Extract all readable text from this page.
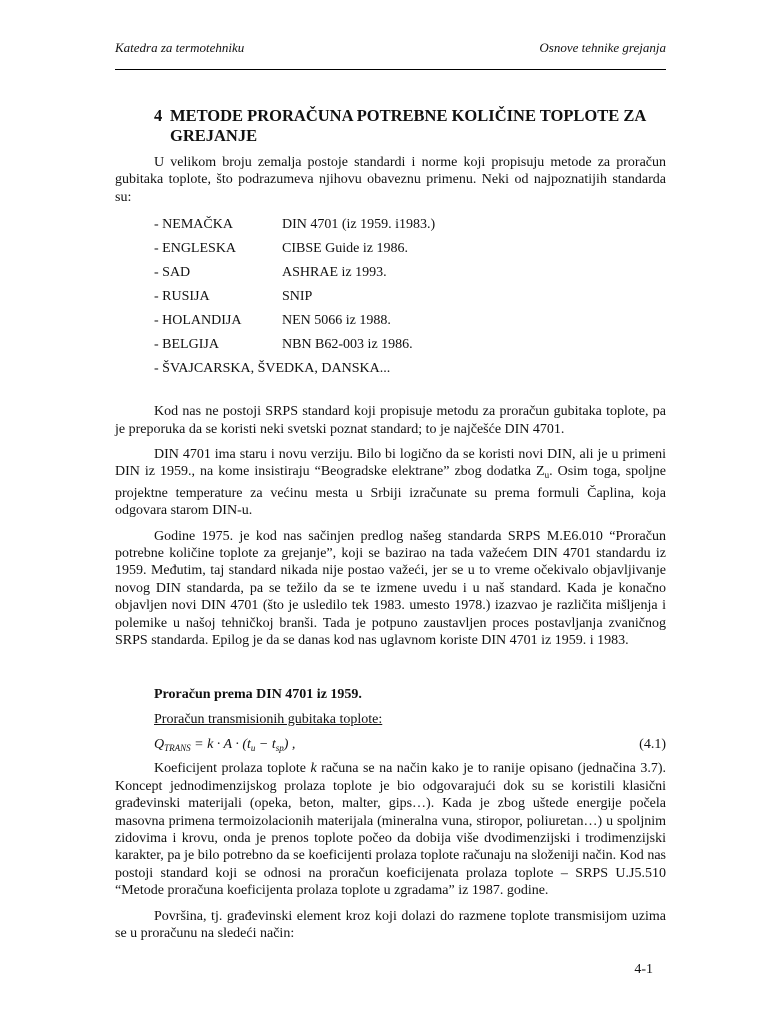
Katedra za termotehniku	Osnove tehnike grejanja
4 METODE PRORAČUNA POTREBNE KOLIČINE TOPLOTE ZA
GREJANJE

U velikom broju zemalja postoje standardi i norme koji propisuju metode za proračun gubitaka toplote, što podrazumeva njihovu obaveznu primenu. Neki od najpoznatijih standarda su:

- NEMAČKA	DIN 4701 (iz 1959. i1983.)
- ENGLESKA	CIBSE Guide iz 1986.
- SAD	ASHRAE iz 1993.
- RUSIJA	SNIP
- HOLANDIJA	NEN 5066 iz 1988.
- BELGIJA	NBN B62-003 iz 1986.
- ŠVAJCARSKA, ŠVEDKA, DANSKA...

Kod nas ne postoji SRPS standard koji propisuje metodu za proračun gubitaka toplote, pa je preporuka da se koristi neki svetski poznat standard; to je najčešće DIN 4701.

DIN 4701 ima staru i novu verziju. Bilo bi logično da se koristi novi DIN, ali je u primeni DIN iz 1959., na kome insistiraju “Beogradske elektrane” zbog dodatka $Z_u$. Osim toga, spoljne projektne temperature za većinu mesta u Srbiji izračunate su prema formuli Čaplina, koja odgovara starom DIN-u.

Godine 1975. je kod nas sačinjen predlog našeg standarda SRPS M.E6.010 “Proračun potrebne količine toplote za grejanje”, koji se bazirao na tada važećem DIN 4701 standardu iz 1959. Međutim, taj standard nikada nije postao važeći, jer se u to vreme očekivalo objavljivanje novog DIN standarda, pa se težilo da se te izmene uvedu i u naš standard. Kada je konačno objavljen novi DIN 4701 (što je usledilo tek 1983. umesto 1978.) izazvao je različita mišljenja i polemike u našoj tehničkoj branši. Tada je potpuno zaustavljen proces postavljanja zvaničnog SRPS standarda. Epilog je da se danas kod nas uglavnom koriste DIN 4701 iz 1959. i 1983.

Proračun prema DIN 4701 iz 1959.
Proračun transmisionih gubitaka toplote:
$Q_{TRANS} = k \cdot A \cdot (t_u - t_{sp})$ ,	(4.1)

Koeficijent prolaza toplote k računa se na način kako je to ranije opisano (jednačina 3.7). Koncept jednodimenzijskog prolaza toplote je bio odgovarajući dok su se koristili klasični građevinski materijali (opeka, beton, malter, gips…). Kada je zbog uštede energije počela masovna primena termoizolacionih materijala (mineralna vuna, stiropor, poliuretan…) u spoljnim zidovima i krovu, onda je prenos toplote počeo da dobija više dvodimenzijski i trodimenzijski karakter, pa je bilo potrebno da se koeficijenti prolaza toplote računaju na složeniji način. Kod nas postoji standard koji se odnosi na proračun koeficijenata prolaza toplote – SRPS U.J5.510 “Metode proračuna koeficijenta prolaza toplote u zgradama” iz 1987. godine.

Površina, tj. građevinski element kroz koji dolazi do razmene toplote transmisijom uzima se u proračunu na sledeći način:

4-1
